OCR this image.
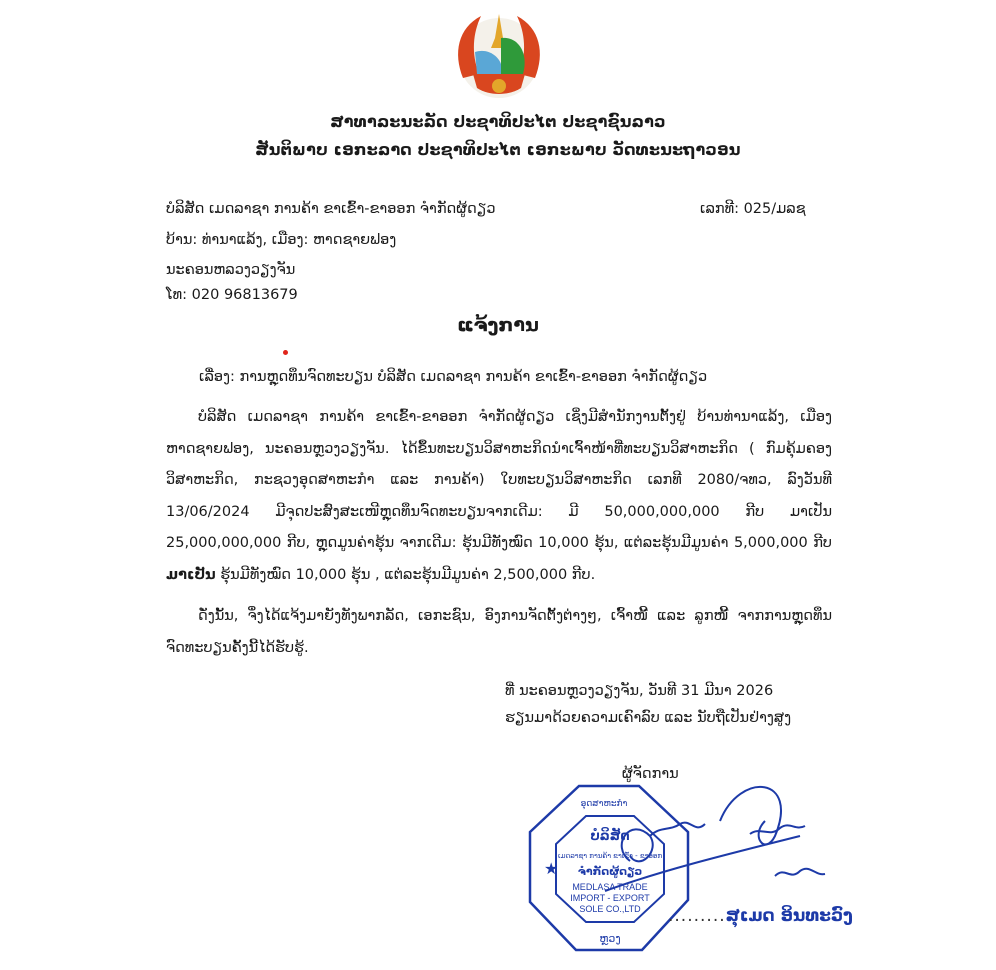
ສາທາລະນະລັດ ປະຊາທິປະໄຕ ປະຊາຊົນລາວ
ສັນຕິພາບ ເອກະລາດ ປະຊາທິປະໄຕ ເອກະພາບ ວັດທະນະຖາວອນ
ບໍລິສັດ ເມດລາຊາ ການຄ້າ ຂາເຂົ້າ-ຂາອອກ ຈຳກັດຜູ້ດຽວ
ບ້ານ: ທ່ານາແລ້ງ, ເມືອງ: ຫາດຊາຍຟອງ
ນະຄອນຫລວງວຽງຈັນ
ໂທ: 020 96813679
ເລກທີ: 025/ມລຊ
ແຈ້ງການ
ເລື່ອງ: ການຫຼຸດທຶນຈົດທະບຽນ ບໍລິສັດ ເມດລາຊາ ການຄ້າ ຂາເຂົ້າ-ຂາອອກ ຈຳກັດຜູ້ດຽວ
ບໍລິສັດ ເມດລາຊາ ການຄ້າ ຂາເຂົ້າ-ຂາອອກ ຈຳກັດຜູ້ດຽວ ເຊິ່ງມີສຳນັກງານຕັ້ງຢູ່ ບ້ານທ່ານາແລ້ງ, ເມືອງ ຫາດຊາຍຟອງ, ນະຄອນຫຼວງວຽງຈັນ. ໄດ້ຂຶ້ນທະບຽນວິສາຫະກິດນຳເຈົ້າໜ້າທີ່ທະບຽນວິສາຫະກິດ ( ກົມຄຸ້ມຄອງວິສາຫະກິດ, ກະຊວງອຸດສາຫະກຳ ແລະ ການຄ້າ) ໃບທະບຽນວິສາຫະກິດ ເລກທີ 2080/ຈທວ, ລົງວັນທີ 13/06/2024 ມີຈຸດປະສົງສະເໜີຫຼຸດທຶນຈົດທະບຽນຈາກເດີມ: ມີ 50,000,000,000 ກີບ ມາເປັນ 25,000,000,000 ກີບ, ຫຼຸດມູນຄ່າຮຸ້ນ ຈາກເດີມ: ຮຸ້ນມີທັງໝົດ 10,000 ຮຸ້ນ, ແຕ່ລະຮຸ້ນມີມູນຄ່າ 5,000,000 ກີບ ມາເປັນ ຮຸ້ນມີທັງໝົດ 10,000 ຮຸ້ນ , ແຕ່ລະຮຸ້ນມີມູນຄ່າ 2,500,000 ກີບ.
ດັ່ງນັ້ນ, ຈຶ່ງໄດ້ແຈ້ງມາຍັງທັງພາກລັດ, ເອກະຊົນ, ອົງການຈັດຕັ້ງຕ່າງໆ, ເຈົ້າໜີ້ ແລະ ລູກໜີ້ ຈາກການຫຼຸດທຶນຈົດທະບຽນຄັ້ງນີ້ໄດ້ຮັບຮູ້.
ທີ່ ນະຄອນຫຼວງວຽງຈັນ, ວັນທີ 31 ມີນາ 2026
ຮຽນມາດ້ວຍຄວາມເຄົາລົບ ແລະ ນັບຖືເປັນຢ່າງສູງ
ຜູ້ຈັດການ
★
ບໍລິສັດ
ເມດລາຊາ ການຄ້າ ຂາເຂົ້າ - ຂາອອກ
ຈຳກັດຜູ້ດຽວ
MEDLASA TRADE
IMPORT - EXPORT
SOLE CO.,LTD
ອຸດສາຫະກຳ
ຫຼວງ
.........ສຸເມດ ອິນທະວົງ
